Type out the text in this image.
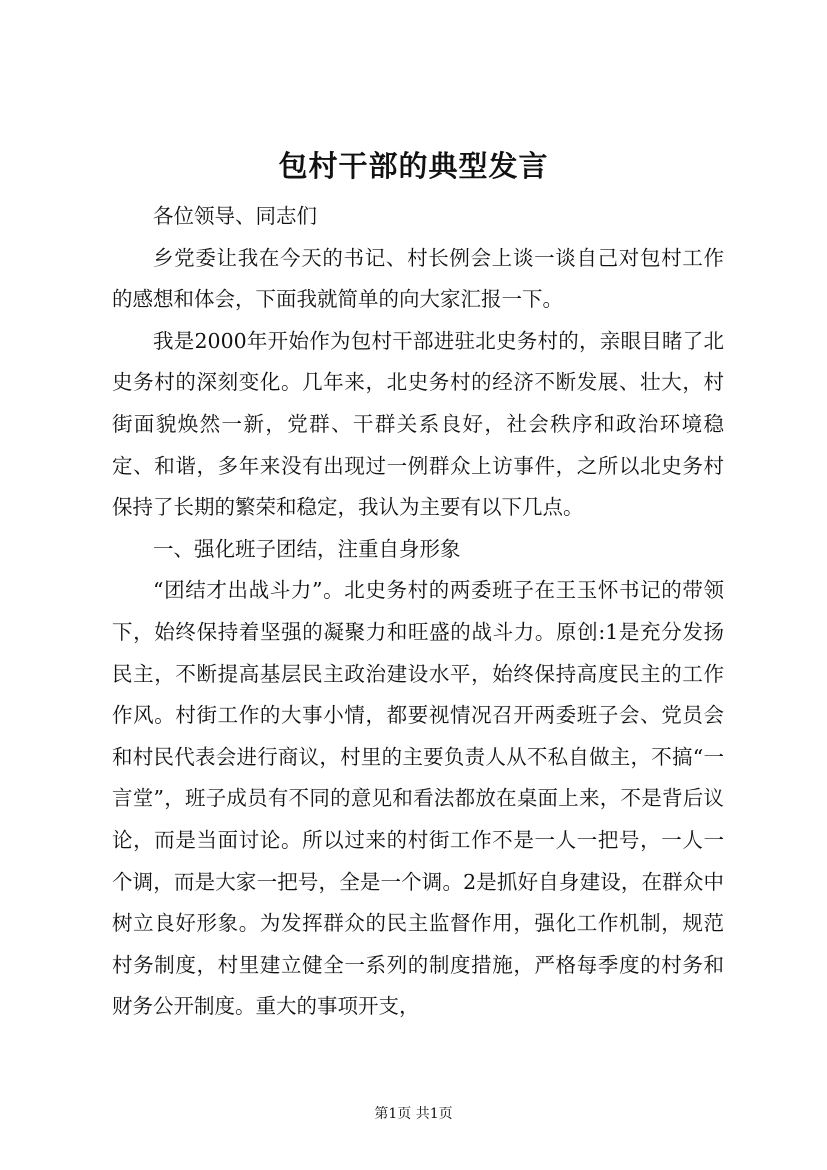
包村干部的典型发言

各位领导、同志们

乡党委让我在今天的书记、村长例会上谈一谈自己对包村工作的感想和体会，下面我就简单的向大家汇报一下。

我是2000年开始作为包村干部进驻北史务村的，亲眼目睹了北史务村的深刻变化。几年来，北史务村的经济不断发展、壮大，村街面貌焕然一新，党群、干群关系良好，社会秩序和政治环境稳定、和谐，多年来没有出现过一例群众上访事件，之所以北史务村保持了长期的繁荣和稳定，我认为主要有以下几点。

一、强化班子团结，注重自身形象

“团结才出战斗力”。北史务村的两委班子在王玉怀书记的带领下，始终保持着坚强的凝聚力和旺盛的战斗力。原创:1是充分发扬民主，不断提高基层民主政治建设水平，始终保持高度民主的工作作风。村街工作的大事小情，都要视情况召开两委班子会、党员会和村民代表会进行商议，村里的主要负责人从不私自做主，不搞“一言堂”，班子成员有不同的意见和看法都放在桌面上来，不是背后议论，而是当面讨论。所以过来的村街工作不是一人一把号，一人一个调，而是大家一把号，全是一个调。2是抓好自身建设，在群众中树立良好形象。为发挥群众的民主监督作用，强化工作机制，规范村务制度，村里建立健全一系列的制度措施，严格每季度的村务和财务公开制度。重大的事项开支，

第1页 共1页
